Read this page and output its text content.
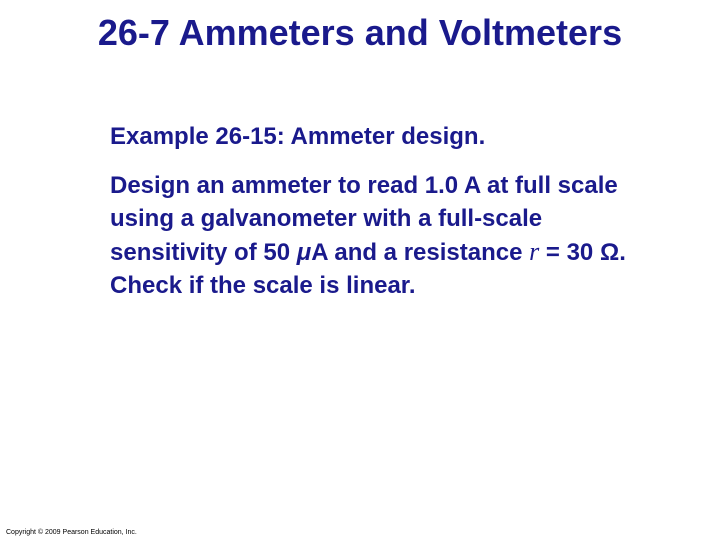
26-7 Ammeters and Voltmeters

Example 26-15: Ammeter design.

Design an ammeter to read 1.0 A at full scale using a galvanometer with a full-scale sensitivity of 50 μA and a resistance r = 30 Ω. Check if the scale is linear.

Copyright © 2009 Pearson Education, Inc.
